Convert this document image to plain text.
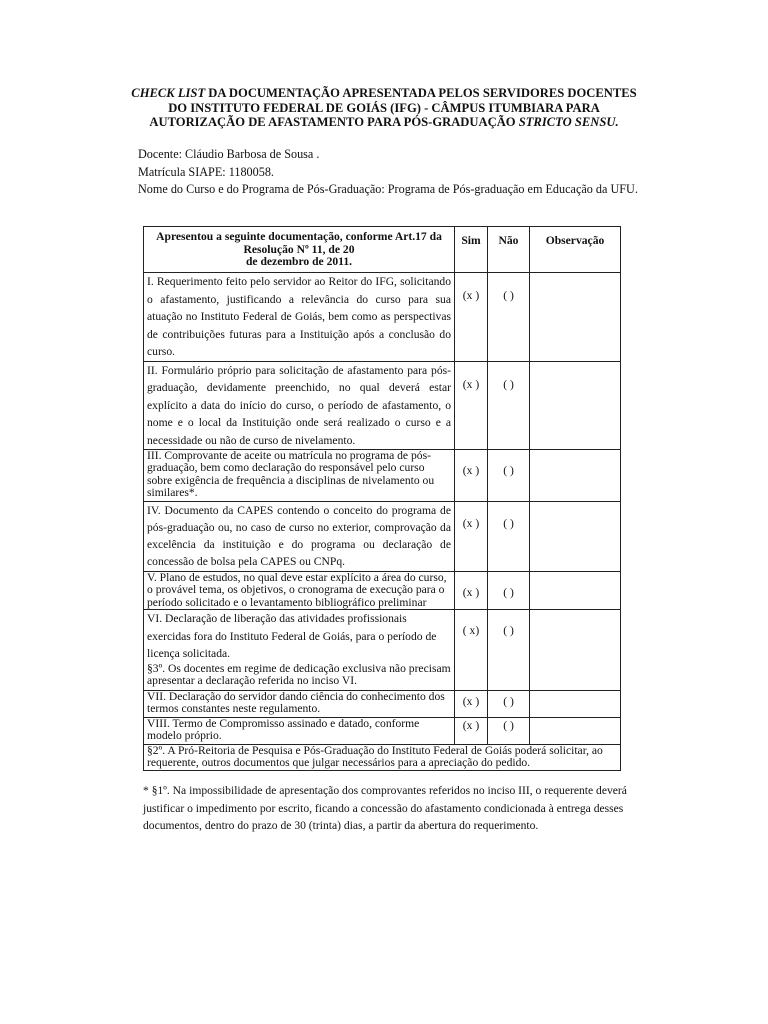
CHECK LIST DA DOCUMENTAÇÃO APRESENTADA PELOS SERVIDORES DOCENTES
DO INSTITUTO FEDERAL DE GOIÁS (IFG) - CÂMPUS ITUMBIARA PARA
AUTORIZAÇÃO DE AFASTAMENTO PARA PÓS-GRADUAÇÃO STRICTO SENSU.
Docente: Cláudio Barbosa de Sousa .
Matrícula SIAPE: 1180058.
Nome do Curso e do Programa de Pós-Graduação: Programa de Pós-graduação em Educação da UFU.
Apresentou a seguinte documentação, conforme Art.17 da
Resolução Nº 11, de 20
de dezembro de 2011.	Sim	Não	Observação
I. Requerimento feito pelo servidor ao Reitor do IFG, solicitando o afastamento, justificando a relevância do curso para sua atuação no Instituto Federal de Goiás, bem como as perspectivas de contribuições futuras para a Instituição após a conclusão do curso.	(x )	( )	
II. Formulário próprio para solicitação de afastamento para pós-graduação, devidamente preenchido, no qual deverá estar explícito a data do início do curso, o período de afastamento, o nome e o local da Instituição onde será realizado o curso e a necessidade ou não de curso de nivelamento.	(x )	( )	
III. Comprovante de aceite ou matrícula no programa de pós-graduação, bem como declaração do responsável pelo curso sobre exigência de frequência a disciplinas de nivelamento ou similares*.	(x )	( )	
IV. Documento da CAPES contendo o conceito do programa de pós-graduação ou, no caso de curso no exterior, comprovação da excelência da instituição e do programa ou declaração de concessão de bolsa pela CAPES ou CNPq.	(x )	( )	
V. Plano de estudos, no qual deve estar explícito a área do curso, o provável tema, os objetivos, o cronograma de execução para o período solicitado e o levantamento bibliográfico preliminar	(x )	( )	

VI. Declaração de liberação das atividades profissionais exercidas fora do Instituto Federal de Goiás, para o período de licença solicitada.
§3º. Os docentes em regime de dedicação exclusiva não precisam apresentar a declaração referida no inciso VI.	( x)	( )	
VII. Declaração do servidor dando ciência do conhecimento dos termos constantes neste regulamento.	(x )	( )	
VIII. Termo de Compromisso assinado e datado, conforme modelo próprio.	(x )	( )	
§2º. A Pró-Reitoria de Pesquisa e Pós-Graduação do Instituto Federal de Goiás poderá solicitar, ao requerente, outros documentos que julgar necessários para a apreciação do pedido.			
* §1º. Na impossibilidade de apresentação dos comprovantes referidos no inciso III, o requerente deverá
justificar o impedimento por escrito, ficando a concessão do afastamento condicionada à entrega desses
documentos, dentro do prazo de 30 (trinta) dias, a partir da abertura do requerimento.
